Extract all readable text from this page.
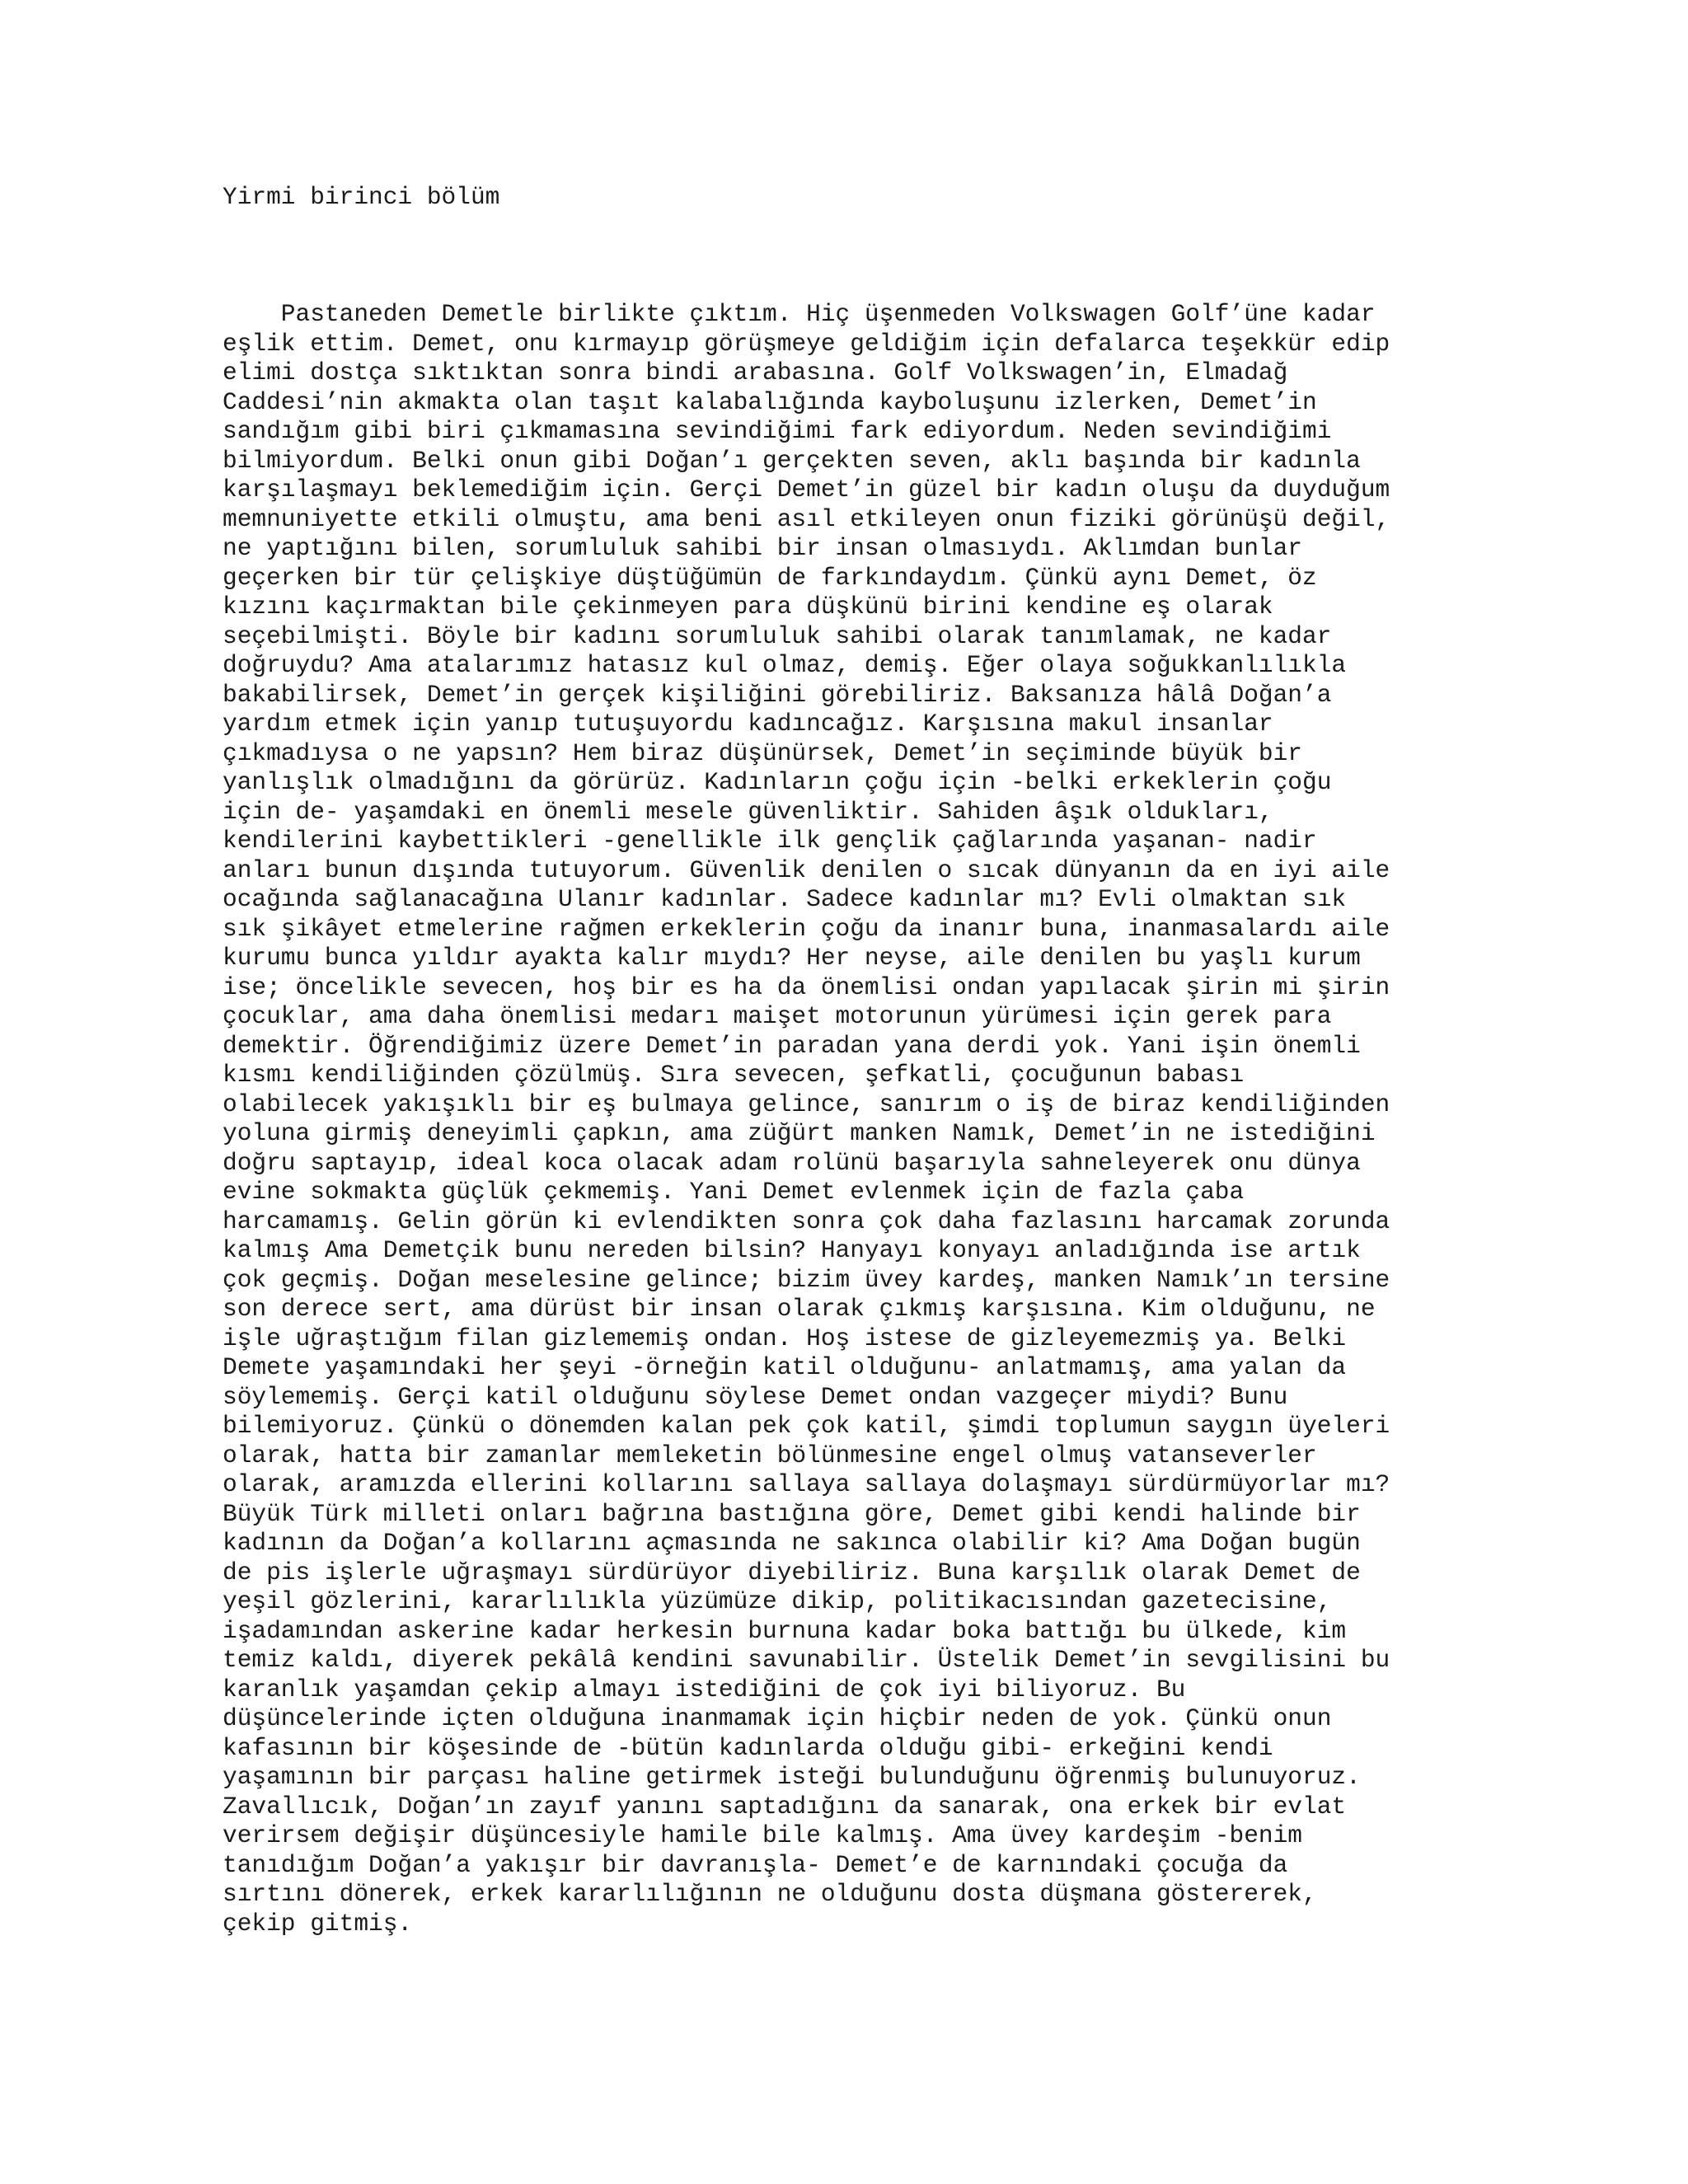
Yirmi birinci bölüm
Pastaneden Demetle birlikte çıktım. Hiç üşenmeden Volkswagen Golf’üne kadar
eşlik ettim. Demet, onu kırmayıp görüşmeye geldiğim için defalarca teşekkür edip
elimi dostça sıktıktan sonra bindi arabasına. Golf Volkswagen’in, Elmadağ
Caddesi’nin akmakta olan taşıt kalabalığında kayboluşunu izlerken, Demet’in
sandığım gibi biri çıkmamasına sevindiğimi fark ediyordum. Neden sevindiğimi
bilmiyordum. Belki onun gibi Doğan’ı gerçekten seven, aklı başında bir kadınla
karşılaşmayı beklemediğim için. Gerçi Demet’in güzel bir kadın oluşu da duyduğum
memnuniyette etkili olmuştu, ama beni asıl etkileyen onun fiziki görünüşü değil,
ne yaptığını bilen, sorumluluk sahibi bir insan olmasıydı. Aklımdan bunlar
geçerken bir tür çelişkiye düştüğümün de farkındaydım. Çünkü aynı Demet, öz
kızını kaçırmaktan bile çekinmeyen para düşkünü birini kendine eş olarak
seçebilmişti. Böyle bir kadını sorumluluk sahibi olarak tanımlamak, ne kadar
doğruydu? Ama atalarımız hatasız kul olmaz, demiş. Eğer olaya soğukkanlılıkla
bakabilirsek, Demet’in gerçek kişiliğini görebiliriz. Baksanıza hâlâ Doğan’a
yardım etmek için yanıp tutuşuyordu kadıncağız. Karşısına makul insanlar
çıkmadıysa o ne yapsın? Hem biraz düşünürsek, Demet’in seçiminde büyük bir
yanlışlık olmadığını da görürüz. Kadınların çoğu için -belki erkeklerin çoğu
için de- yaşamdaki en önemli mesele güvenliktir. Sahiden âşık oldukları,
kendilerini kaybettikleri -genellikle ilk gençlik çağlarında yaşanan- nadir
anları bunun dışında tutuyorum. Güvenlik denilen o sıcak dünyanın da en iyi aile
ocağında sağlanacağına Ulanır kadınlar. Sadece kadınlar mı? Evli olmaktan sık
sık şikâyet etmelerine rağmen erkeklerin çoğu da inanır buna, inanmasalardı aile
kurumu bunca yıldır ayakta kalır mıydı? Her neyse, aile denilen bu yaşlı kurum
ise; öncelikle sevecen, hoş bir es ha da önemlisi ondan yapılacak şirin mi şirin
çocuklar, ama daha önemlisi medarı maişet motorunun yürümesi için gerek para
demektir. Öğrendiğimiz üzere Demet’in paradan yana derdi yok. Yani işin önemli
kısmı kendiliğinden çözülmüş. Sıra sevecen, şefkatli, çocuğunun babası
olabilecek yakışıklı bir eş bulmaya gelince, sanırım o iş de biraz kendiliğinden
yoluna girmiş deneyimli çapkın, ama züğürt manken Namık, Demet’in ne istediğini
doğru saptayıp, ideal koca olacak adam rolünü başarıyla sahneleyerek onu dünya
evine sokmakta güçlük çekmemiş. Yani Demet evlenmek için de fazla çaba
harcamamış. Gelin görün ki evlendikten sonra çok daha fazlasını harcamak zorunda
kalmış Ama Demetçik bunu nereden bilsin? Hanyayı konyayı anladığında ise artık
çok geçmiş. Doğan meselesine gelince; bizim üvey kardeş, manken Namık’ın tersine
son derece sert, ama dürüst bir insan olarak çıkmış karşısına. Kim olduğunu, ne
işle uğraştığım filan gizlememiş ondan. Hoş istese de gizleyemezmiş ya. Belki
Demete yaşamındaki her şeyi -örneğin katil olduğunu- anlatmamış, ama yalan da
söylememiş. Gerçi katil olduğunu söylese Demet ondan vazgeçer miydi? Bunu
bilemiyoruz. Çünkü o dönemden kalan pek çok katil, şimdi toplumun saygın üyeleri
olarak, hatta bir zamanlar memleketin bölünmesine engel olmuş vatanseverler
olarak, aramızda ellerini kollarını sallaya sallaya dolaşmayı sürdürmüyorlar mı?
Büyük Türk milleti onları bağrına bastığına göre, Demet gibi kendi halinde bir
kadının da Doğan’a kollarını açmasında ne sakınca olabilir ki? Ama Doğan bugün
de pis işlerle uğraşmayı sürdürüyor diyebiliriz. Buna karşılık olarak Demet de
yeşil gözlerini, kararlılıkla yüzümüze dikip, politikacısından gazetecisine,
işadamından askerine kadar herkesin burnuna kadar boka battığı bu ülkede, kim
temiz kaldı, diyerek pekâlâ kendini savunabilir. Üstelik Demet’in sevgilisini bu
karanlık yaşamdan çekip almayı istediğini de çok iyi biliyoruz. Bu
düşüncelerinde içten olduğuna inanmamak için hiçbir neden de yok. Çünkü onun
kafasının bir köşesinde de -bütün kadınlarda olduğu gibi- erkeğini kendi
yaşamının bir parçası haline getirmek isteği bulunduğunu öğrenmiş bulunuyoruz.
Zavallıcık, Doğan’ın zayıf yanını saptadığını da sanarak, ona erkek bir evlat
verirsem değişir düşüncesiyle hamile bile kalmış. Ama üvey kardeşim -benim
tanıdığım Doğan’a yakışır bir davranışla- Demet’e de karnındaki çocuğa da
sırtını dönerek, erkek kararlılığının ne olduğunu dosta düşmana göstererek,
çekip gitmiş.
